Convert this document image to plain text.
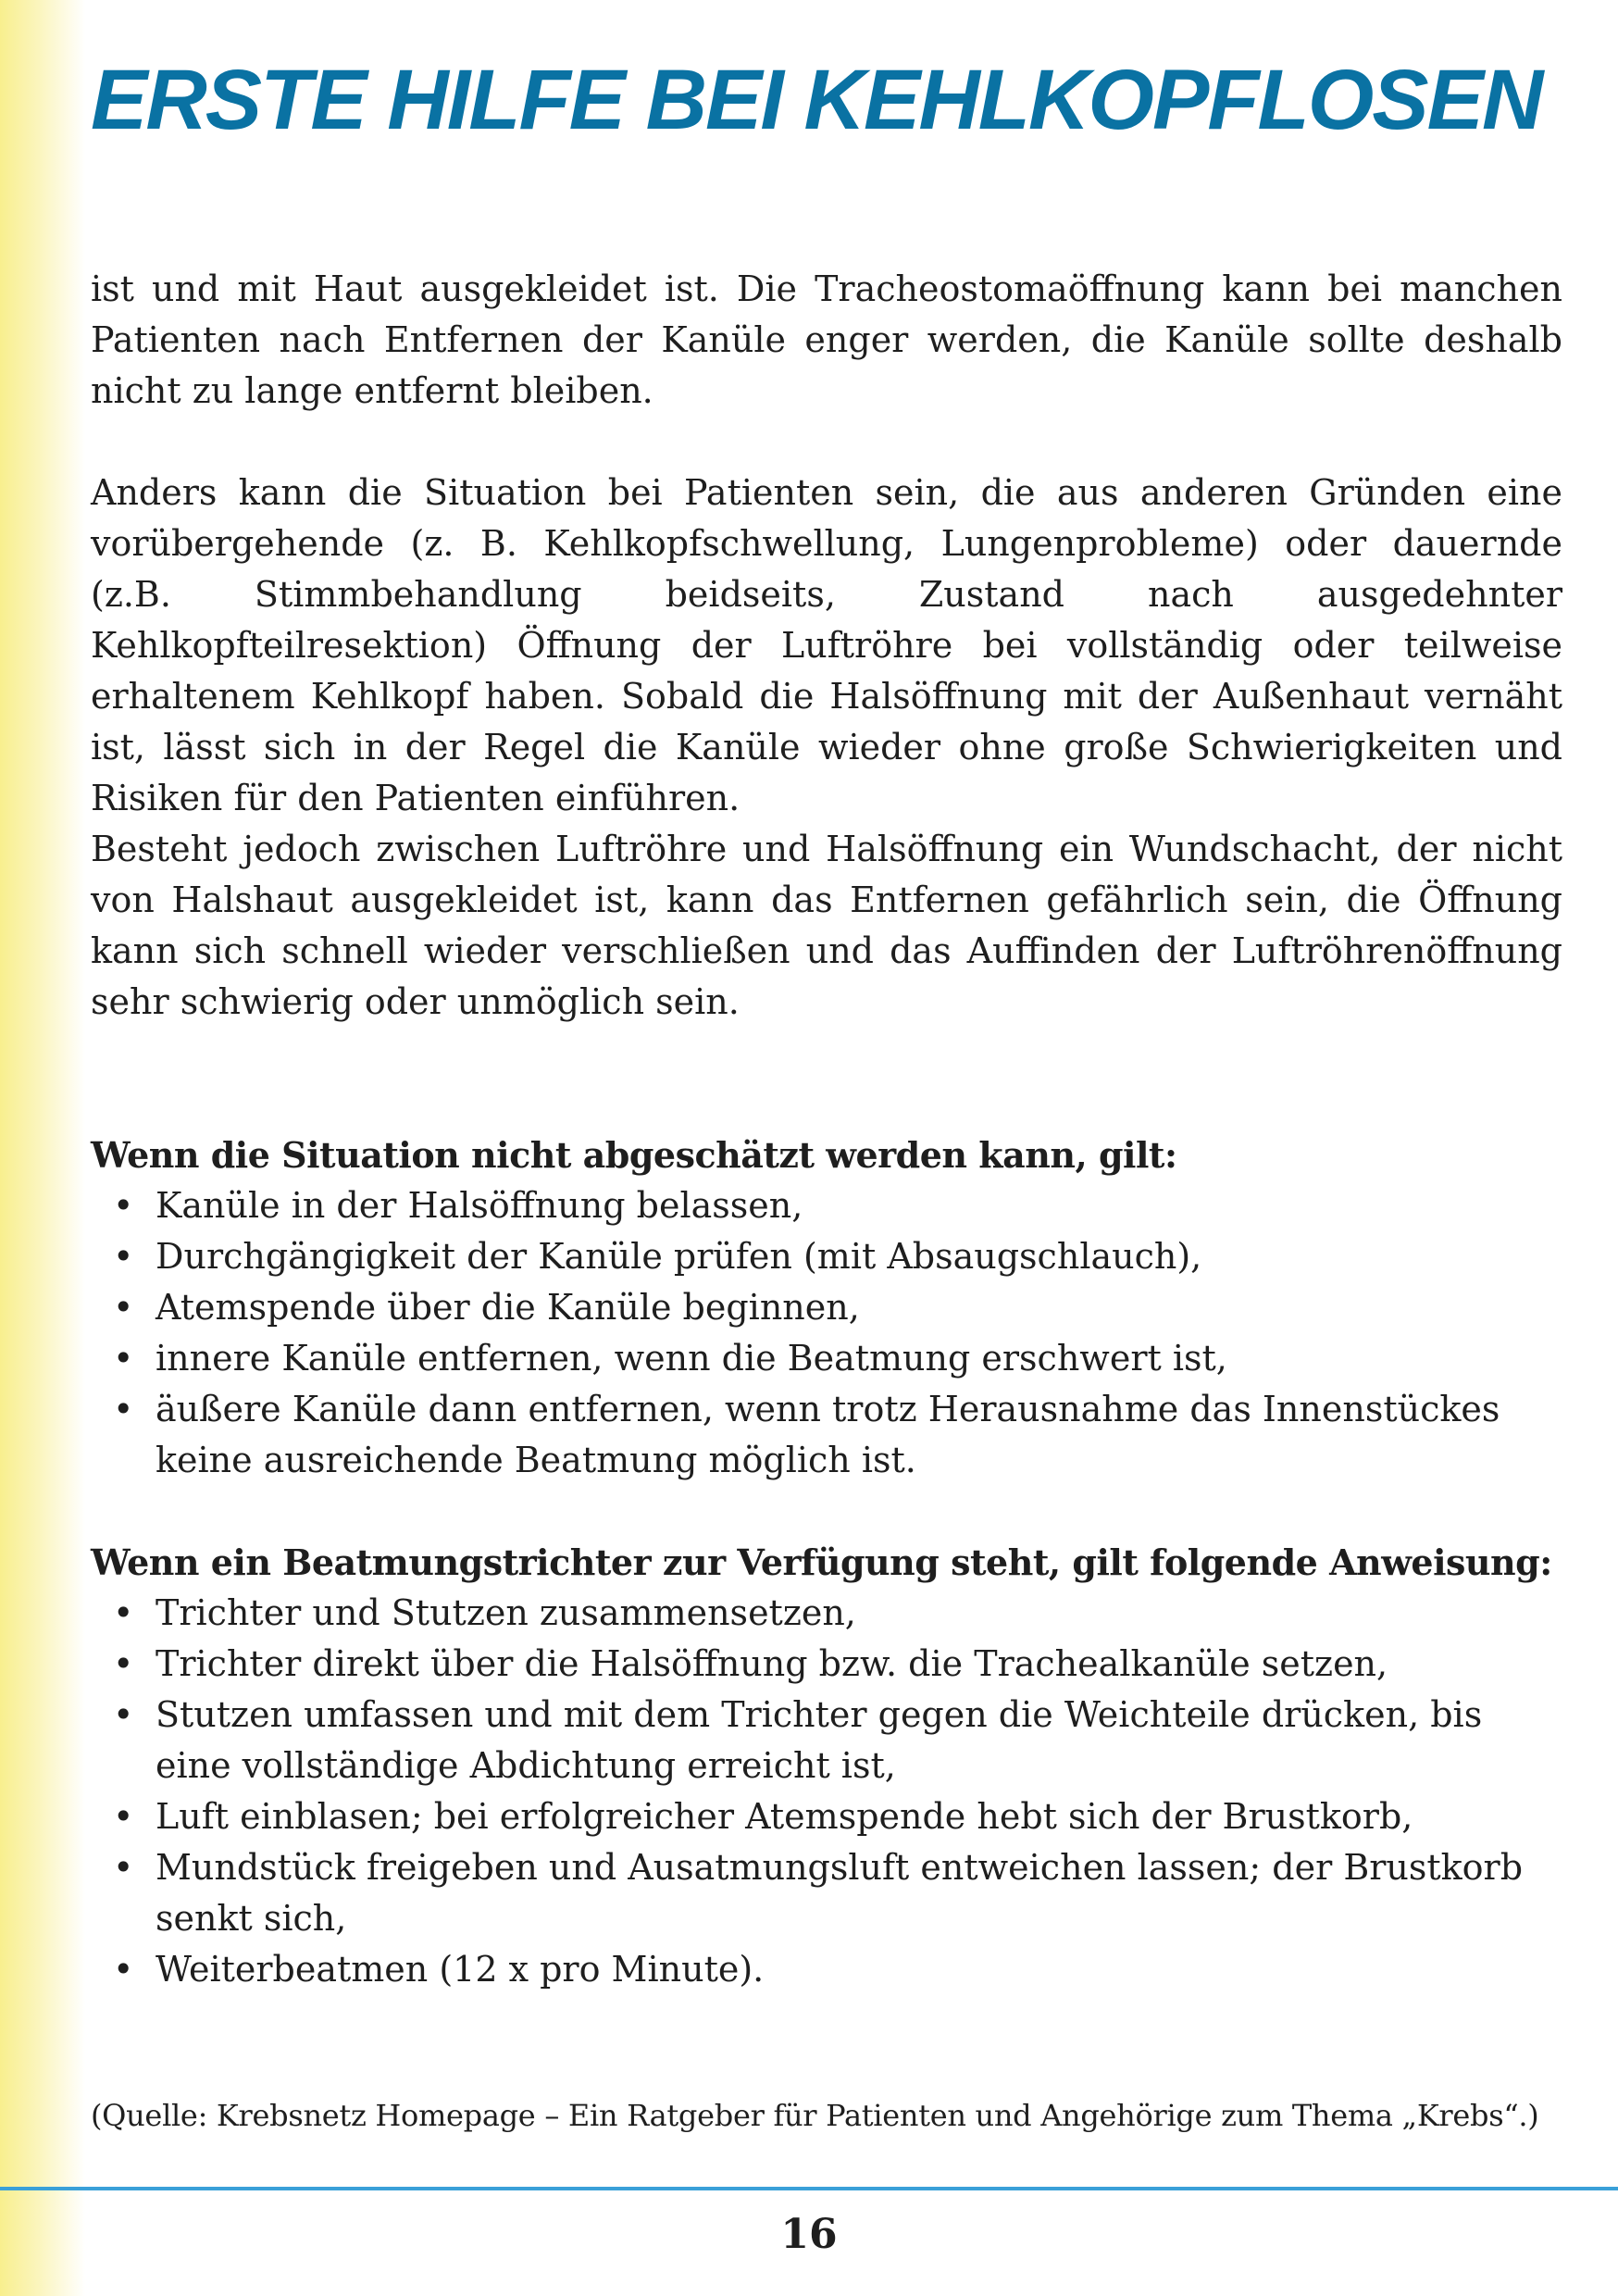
ERSTE HILFE BEI KEHLKOPFLOSEN

ist und mit Haut ausgekleidet ist. Die Tracheostomaöffnung kann bei manchen Patienten nach Entfernen der Kanüle enger werden, die Kanüle sollte deshalb nicht zu lange entfernt bleiben.

Anders kann die Situation bei Patienten sein, die aus anderen Gründen eine vorübergehende (z. B. Kehlkopfschwellung, Lungenprobleme) oder dauernde (z.B. Stimmbehandlung beidseits, Zustand nach ausgedehnter Kehlkopfteilresektion) Öffnung der Luftröhre bei vollständig oder teilweise erhaltenem Kehlkopf haben. Sobald die Halsöffnung mit der Außenhaut vernäht ist, lässt sich in der Regel die Kanüle wieder ohne große Schwierigkeiten und Risiken für den Patienten einführen.

Besteht jedoch zwischen Luftröhre und Halsöffnung ein Wundschacht, der nicht von Halshaut ausgekleidet ist, kann das Entfernen gefährlich sein, die Öffnung kann sich schnell wieder verschließen und das Auffinden der Luftröhrenöffnung sehr schwierig oder unmöglich sein.

Wenn die Situation nicht abgeschätzt werden kann, gilt:

• Kanüle in der Halsöffnung belassen,
• Durchgängigkeit der Kanüle prüfen (mit Absaugschlauch),
• Atemspende über die Kanüle beginnen,
• innere Kanüle entfernen, wenn die Beatmung erschwert ist,
• äußere Kanüle dann entfernen, wenn trotz Herausnahme das Innenstückes keine ausreichende Beatmung möglich ist.

Wenn ein Beatmungstrichter zur Verfügung steht, gilt folgende Anweisung:

• Trichter und Stutzen zusammensetzen,
• Trichter direkt über die Halsöffnung bzw. die Trachealkanüle setzen,
• Stutzen umfassen und mit dem Trichter gegen die Weichteile drücken, bis eine vollständige Abdichtung erreicht ist,
• Luft einblasen; bei erfolgreicher Atemspende hebt sich der Brustkorb,
• Mundstück freigeben und Ausatmungsluft entweichen lassen; der Brustkorb senkt sich,
• Weiterbeatmen (12 x pro Minute).
(Quelle: Krebsnetz Homepage – Ein Ratgeber für Patienten und Angehörige zum Thema „Krebs“.)
16
